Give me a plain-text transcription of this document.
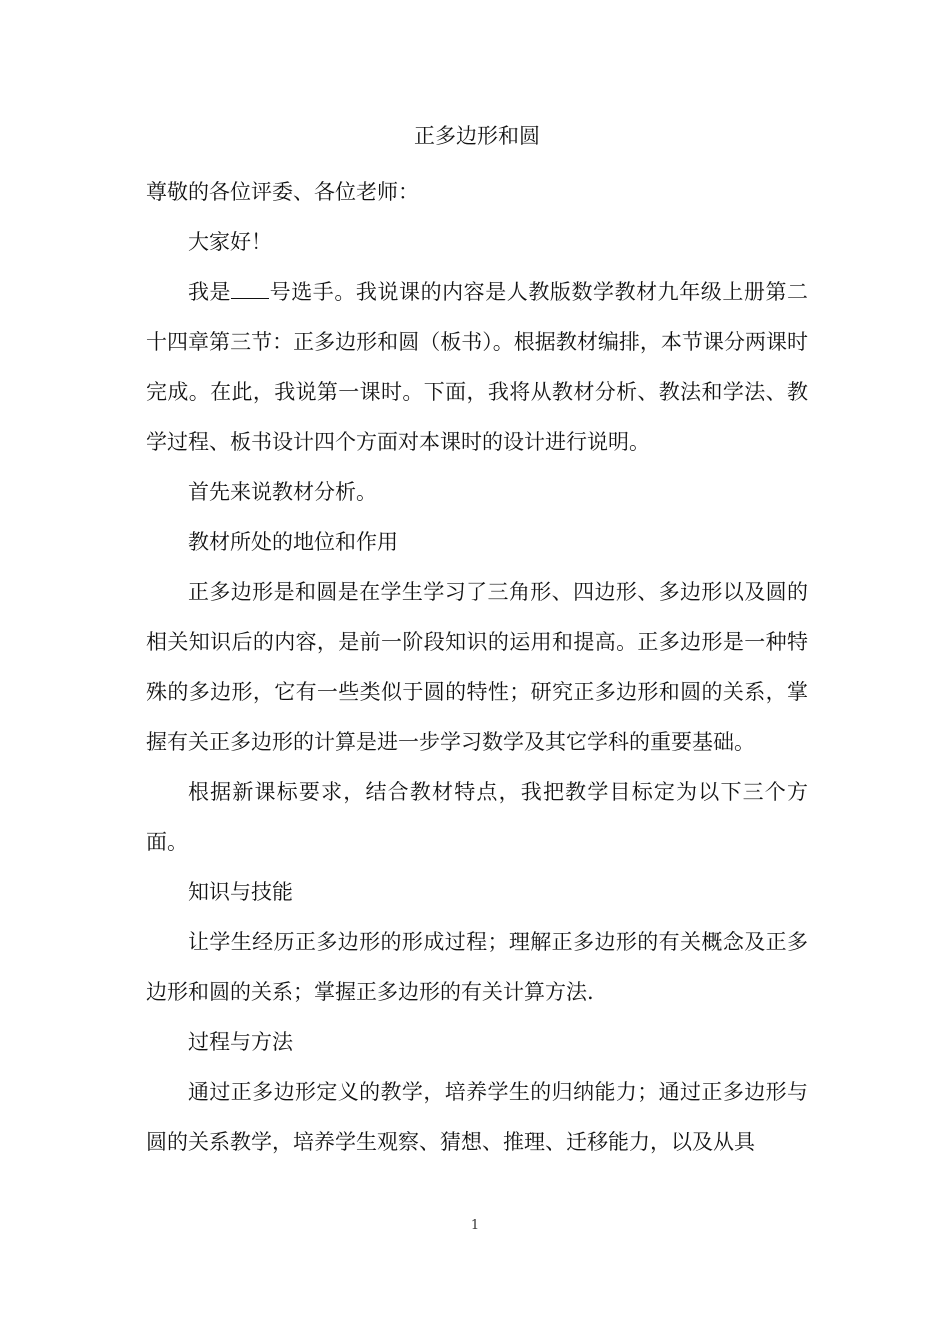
正多边形和圆

尊敬的各位评委、各位老师：

大家好！

我是 号选手。我说课的内容是人教版数学教材九年级上册第二十四章第三节：正多边形和圆（板书）。根据教材编排，本节课分两课时完成。在此，我说第一课时。下面，我将从教材分析、教法和学法、教学过程、板书设计四个方面对本课时的设计进行说明。

首先来说教材分析。

教材所处的地位和作用

正多边形是和圆是在学生学习了三角形、四边形、多边形以及圆的相关知识后的内容，是前一阶段知识的运用和提高。正多边形是一种特殊的多边形，它有一些类似于圆的特性；研究正多边形和圆的关系，掌握有关正多边形的计算是进一步学习数学及其它学科的重要基础。

根据新课标要求，结合教材特点，我把教学目标定为以下三个方面。

知识与技能

让学生经历正多边形的形成过程；理解正多边形的有关概念及正多边形和圆的关系；掌握正多边形的有关计算方法.

过程与方法

通过正多边形定义的教学，培养学生的归纳能力；通过正多边形与圆的关系教学，培养学生观察、猜想、推理、迁移能力，以及从具

1
